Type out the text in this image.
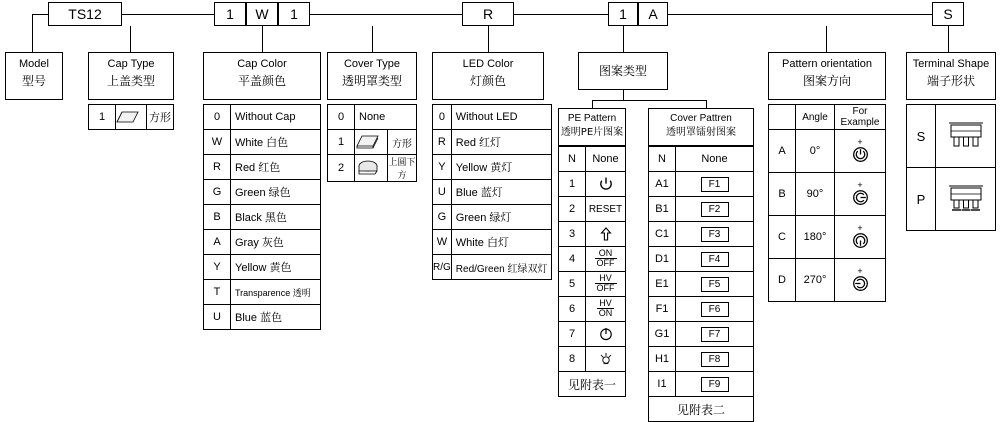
TS12	1 W 1	R	1 A	S
Model
型号
Cap Type
上盖类型
1		方形
Cap Color
平盖颜色
0	Without Cap
W	White 白色
R	Red 红色
G	Green 绿色
B	Black 黑色
A	Gray 灰色
Y	Yellow 黄色
T	Transparence 透明
U	Blue 蓝色
Cover Type
透明罩类型
0	None	
1		方形
2		上圆下方
LED Color
灯颜色
0	Without LED
R	Red 红灯
Y	Yellow 黄灯
U	Blue 蓝灯
G	Green 绿灯
W	White 白灯
R/G	Red/Green 红绿双灯
图案类型
PE Pattern
透明PE片图案
N	None
1	

2	RESET
3	

4	$\frac{ON}{\text{OFF}}$

5	$\frac{HV}{\text{OFF}}$

6	$\frac{HV}{ON}$

7	

8	
见附表一
Cover Pattren
透明罩镭射图案
N	None
A1	F1
B1	F2
C1	F3
D1	F4
E1	F5
F1	F6
G1	F7
H1	F8
I1	F9
见附表二
Pattern orientation
图案方向
	Angle	For Example
A	0°	+

B	90°	+

C	180°	+

D	270°	+
Terminal Shape
端子形状
S	

P	
